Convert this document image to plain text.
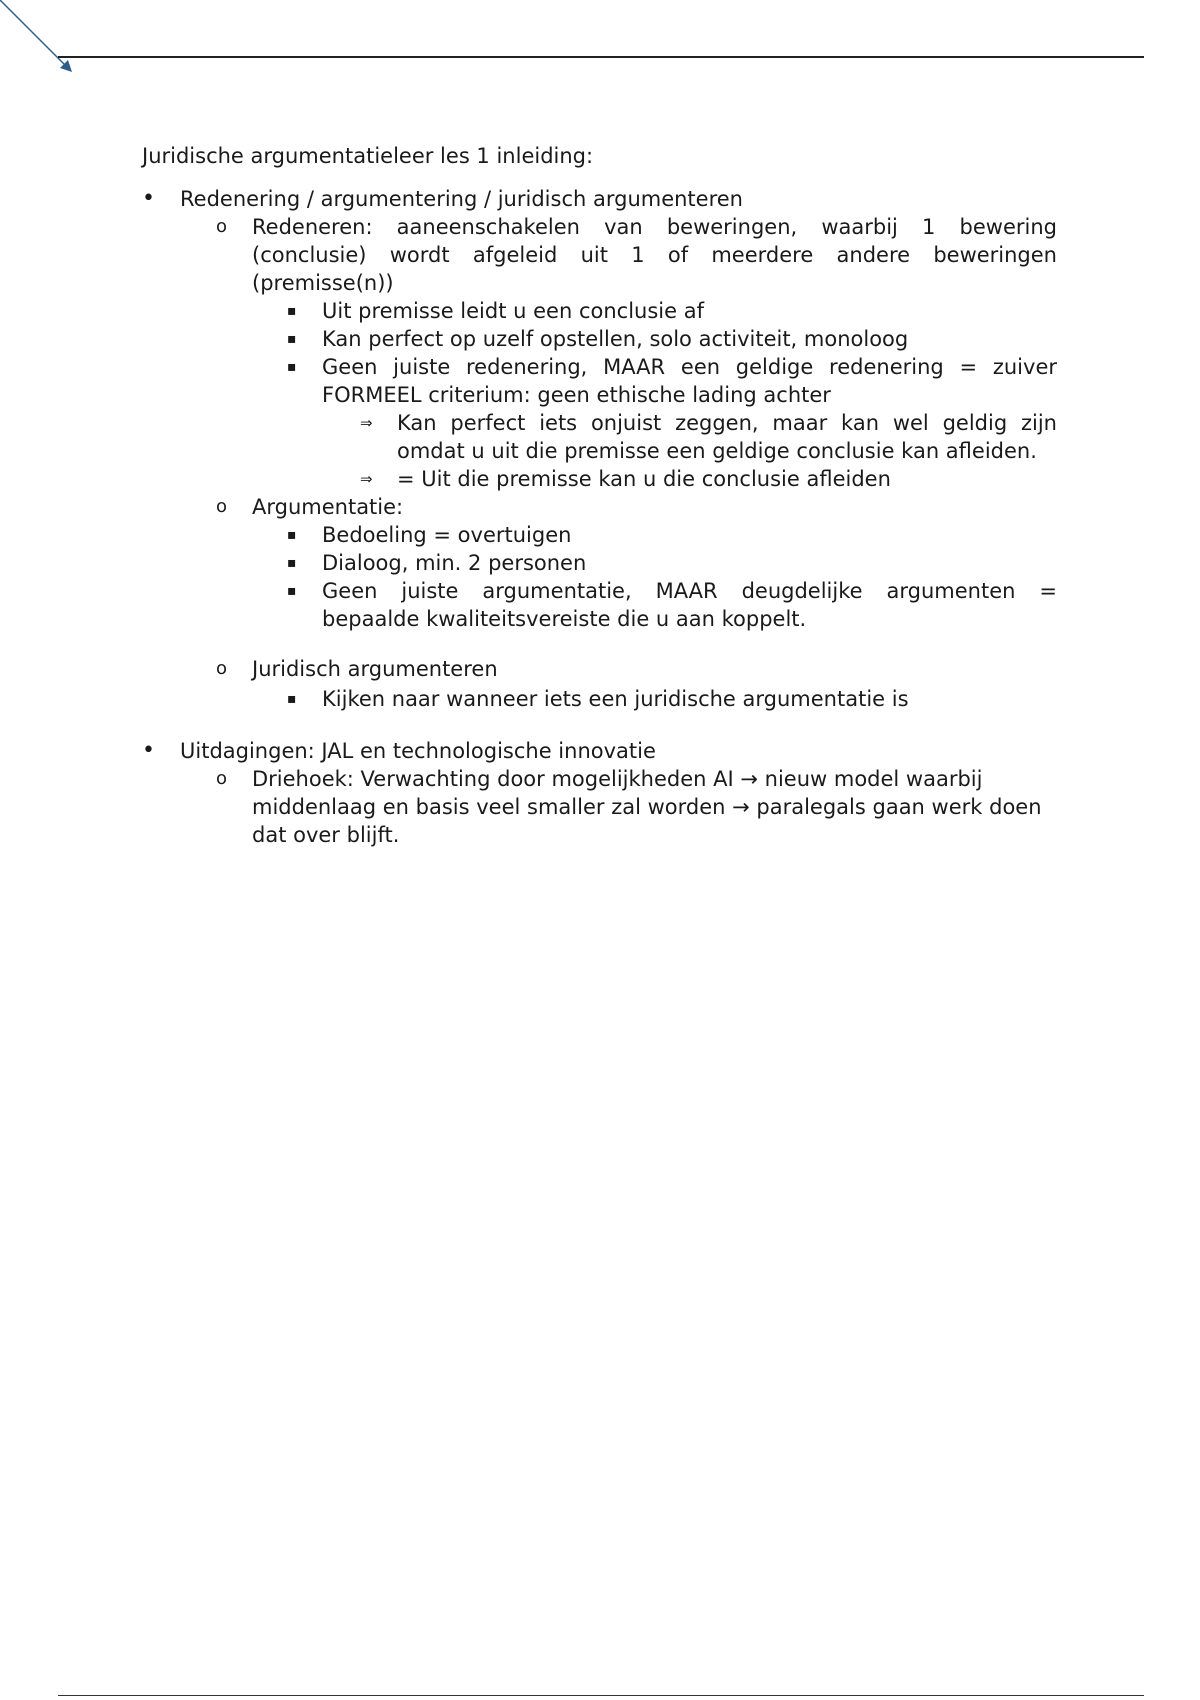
Juridische argumentatieleer les 1 inleiding:
• Redenering / argumentering / juridisch argumenteren
o Redeneren: aaneenschakelen van beweringen, waarbij 1 bewering (conclusie) wordt afgeleid uit 1 of meerdere andere beweringen (premisse(n))
▪ Uit premisse leidt u een conclusie af
▪ Kan perfect op uzelf opstellen, solo activiteit, monoloog
▪ Geen juiste redenering, MAAR een geldige redenering = zuiver FORMEEL criterium: geen ethische lading achter
⇒ Kan perfect iets onjuist zeggen, maar kan wel geldig zijn omdat u uit die premisse een geldige conclusie kan afleiden.
⇒ = Uit die premisse kan u die conclusie afleiden
o Argumentatie:
▪ Bedoeling = overtuigen
▪ Dialoog, min. 2 personen
▪ Geen juiste argumentatie, MAAR deugdelijke argumenten = bepaalde kwaliteitsvereiste die u aan koppelt.
o Juridisch argumenteren
▪ Kijken naar wanneer iets een juridische argumentatie is
• Uitdagingen: JAL en technologische innovatie
o Driehoek: Verwachting door mogelijkheden AI → nieuw model waarbij middenlaag en basis veel smaller zal worden → paralegals gaan werk doen dat over blijft.
